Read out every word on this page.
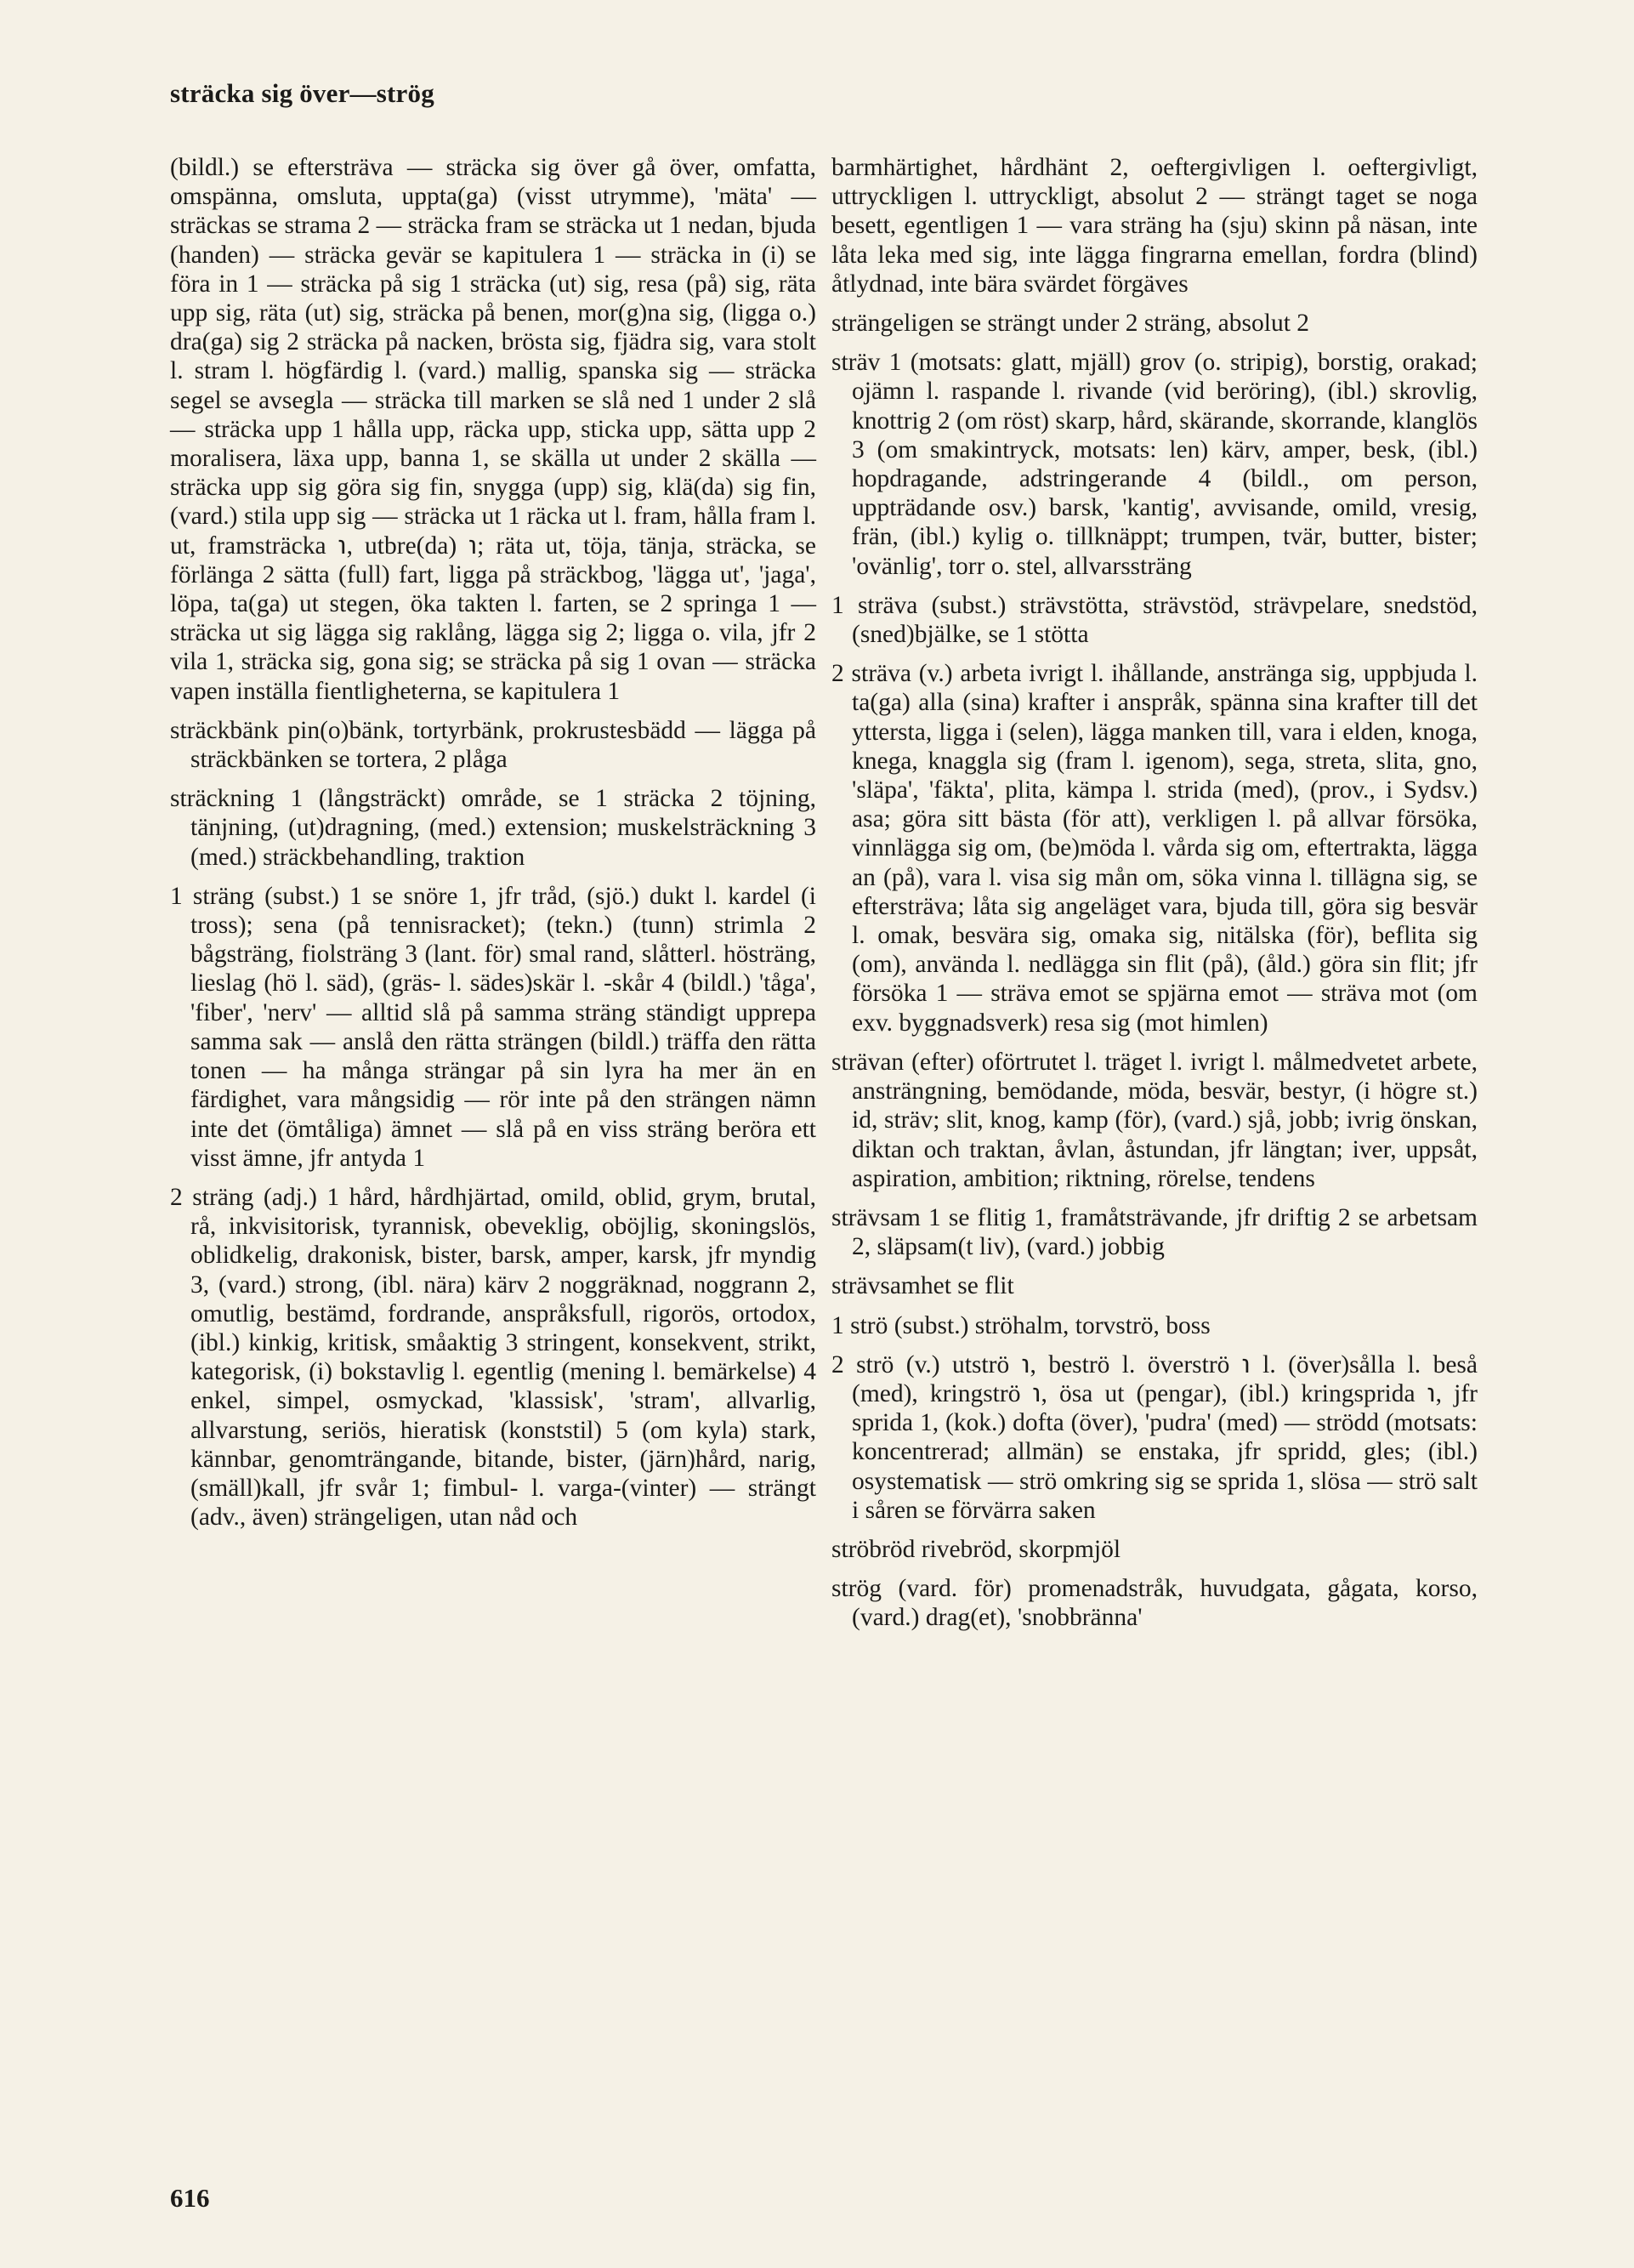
sträcka sig över—strög

(bildl.) se eftersträva — sträcka sig över gå över, omfatta, omspänna, omsluta, uppta(ga) (visst utrymme), 'mäta' — sträckas se strama 2 — sträcka fram se sträcka ut 1 nedan, bjuda (handen) — sträcka gevär se kapitulera 1 — sträcka in (i) se föra in 1 — sträcka på sig 1 sträcka (ut) sig, resa (på) sig, räta upp sig, räta (ut) sig, sträcka på benen, mor(g)na sig, (ligga o.) dra(ga) sig 2 sträcka på nacken, brösta sig, fjädra sig, vara stolt l. stram l. högfärdig l. (vard.) mallig, spanska sig — sträcka segel se avsegla — sträcka till marken se slå ned 1 under 2 slå — sträcka upp 1 hålla upp, räcka upp, sticka upp, sätta upp 2 moralisera, läxa upp, banna 1, se skälla ut under 2 skälla — sträcka upp sig göra sig fin, snygga (upp) sig, klä(da) sig fin, (vard.) stila upp sig — sträcka ut 1 räcka ut l. fram, hålla fram l. ut, framsträcka ℩, utbre(da) ℩; räta ut, töja, tänja, sträcka, se förlänga 2 sätta (full) fart, ligga på sträckbog, 'lägga ut', 'jaga', löpa, ta(ga) ut stegen, öka takten l. farten, se 2 springa 1 — sträcka ut sig lägga sig raklång, lägga sig 2; ligga o. vila, jfr 2 vila 1, sträcka sig, gona sig; se sträcka på sig 1 ovan — sträcka vapen inställa fientligheterna, se kapitulera 1

sträckbänk pin(o)bänk, tortyrbänk, prokrustesbädd — lägga på sträckbänken se tortera, 2 plåga

sträckning 1 (långsträckt) område, se 1 sträcka 2 töjning, tänjning, (ut)dragning, (med.) extension; muskelsträckning 3 (med.) sträckbehandling, traktion

1 sträng (subst.) 1 se snöre 1, jfr tråd, (sjö.) dukt l. kardel (i tross); sena (på tennisracket); (tekn.) (tunn) strimla 2 bågsträng, fiolsträng 3 (lant. för) smal rand, slåtterl. hösträng, lieslag (hö l. säd), (gräs- l. sädes)skär l. -skår 4 (bildl.) 'tåga', 'fiber', 'nerv' — alltid slå på samma sträng ständigt upprepa samma sak — anslå den rätta strängen (bildl.) träffa den rätta tonen — ha många strängar på sin lyra ha mer än en färdighet, vara mångsidig — rör inte på den strängen nämn inte det (ömtåliga) ämnet — slå på en viss sträng beröra ett visst ämne, jfr antyda 1

2 sträng (adj.) 1 hård, hårdhjärtad, omild, oblid, grym, brutal, rå, inkvisitorisk, tyrannisk, obeveklig, oböjlig, skoningslös, oblidkelig, drakonisk, bister, barsk, amper, karsk, jfr myndig 3, (vard.) strong, (ibl. nära) kärv 2 noggräknad, noggrann 2, omutlig, bestämd, fordrande, anspråksfull, rigorös, ortodox, (ibl.) kinkig, kritisk, småaktig 3 stringent, konsekvent, strikt, kategorisk, (i) bokstavlig l. egentlig (mening l. bemärkelse) 4 enkel, simpel, osmyckad, 'klassisk', 'stram', allvarlig, allvarstung, seriös, hieratisk (konststil) 5 (om kyla) stark, kännbar, genomträngande, bitande, bister, (järn)hård, narig, (smäll)kall, jfr svår 1; fimbul- l. varga-(vinter) — strängt (adv., även) strängeligen, utan nåd och

barmhärtighet, hårdhänt 2, oeftergivligen l. oeftergivligt, uttryckligen l. uttryckligt, absolut 2 — strängt taget se noga besett, egentligen 1 — vara sträng ha (sju) skinn på näsan, inte låta leka med sig, inte lägga fingrarna emellan, fordra (blind) åtlydnad, inte bära svärdet förgäves

strängeligen se strängt under 2 sträng, absolut 2

sträv 1 (motsats: glatt, mjäll) grov (o. stripig), borstig, orakad; ojämn l. raspande l. rivande (vid beröring), (ibl.) skrovlig, knottrig 2 (om röst) skarp, hård, skärande, skorrande, klanglös 3 (om smakintryck, motsats: len) kärv, amper, besk, (ibl.) hopdragande, adstringerande 4 (bildl., om person, uppträdande osv.) barsk, 'kantig', avvisande, omild, vresig, frän, (ibl.) kylig o. tillknäppt; trumpen, tvär, butter, bister; 'ovänlig', torr o. stel, allvarssträng

1 sträva (subst.) strävstötta, strävstöd, strävpelare, snedstöd, (sned)bjälke, se 1 stötta

2 sträva (v.) arbeta ivrigt l. ihållande, anstränga sig, uppbjuda l. ta(ga) alla (sina) krafter i anspråk, spänna sina krafter till det yttersta, ligga i (selen), lägga manken till, vara i elden, knoga, knega, knaggla sig (fram l. igenom), sega, streta, slita, gno, 'släpa', 'fäkta', plita, kämpa l. strida (med), (prov., i Sydsv.) asa; göra sitt bästa (för att), verkligen l. på allvar försöka, vinnlägga sig om, (be)möda l. vårda sig om, eftertrakta, lägga an (på), vara l. visa sig mån om, söka vinna l. tillägna sig, se eftersträva; låta sig angeläget vara, bjuda till, göra sig besvär l. omak, besvära sig, omaka sig, nitälska (för), beflita sig (om), använda l. nedlägga sin flit (på), (åld.) göra sin flit; jfr försöka 1 — sträva emot se spjärna emot — sträva mot (om exv. byggnadsverk) resa sig (mot himlen)

strävan (efter) oförtrutet l. träget l. ivrigt l. målmedvetet arbete, ansträngning, bemödande, möda, besvär, bestyr, (i högre st.) id, sträv; slit, knog, kamp (för), (vard.) sjå, jobb; ivrig önskan, diktan och traktan, åvlan, åstundan, jfr längtan; iver, uppsåt, aspiration, ambition; riktning, rörelse, tendens

strävsam 1 se flitig 1, framåtsträvande, jfr driftig 2 se arbetsam 2, släpsam(t liv), (vard.) jobbig

strävsamhet se flit

1 strö (subst.) ströhalm, torvströ, boss

2 strö (v.) utströ ℩, beströ l. överströ ℩ l. (över)sålla l. beså (med), kringströ ℩, ösa ut (pengar), (ibl.) kringsprida ℩, jfr sprida 1, (kok.) dofta (över), 'pudra' (med) — strödd (motsats: koncentrerad; allmän) se enstaka, jfr spridd, gles; (ibl.) osystematisk — strö omkring sig se sprida 1, slösa — strö salt i såren se förvärra saken

ströbröd rivebröd, skorpmjöl

strög (vard. för) promenadstråk, huvudgata, gågata, korso, (vard.) drag(et), 'snobbränna'

616
